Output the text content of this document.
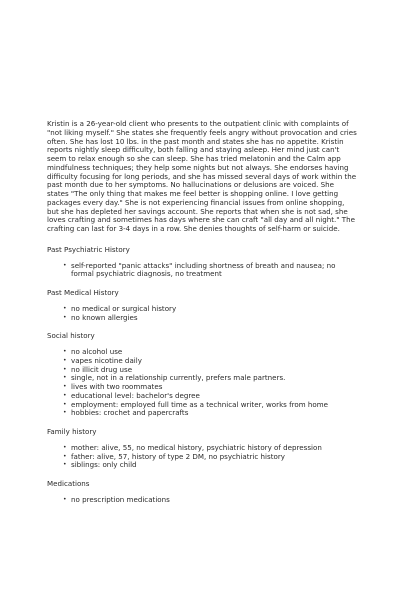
Kristin is a 26-year-old client who presents to the outpatient clinic with complaints of "not liking myself." She states she frequently feels angry without provocation and cries often. She has lost 10 lbs. in the past month and states she has no appetite. Kristin reports nightly sleep difficulty, both falling and staying asleep. Her mind just can't seem to relax enough so she can sleep. She has tried melatonin and the Calm app mindfulness techniques; they help some nights but not always. She endorses having difficulty focusing for long periods, and she has missed several days of work within the past month due to her symptoms. No hallucinations or delusions are voiced. She states "The only thing that makes me feel better is shopping online. I love getting packages every day." She is not experiencing financial issues from online shopping, but she has depleted her savings account. She reports that when she is not sad, she loves crafting and sometimes has days where she can craft "all day and all night." The crafting can last for 3-4 days in a row. She denies thoughts of self-harm or suicide.

Past Psychiatric History

• self-reported "panic attacks" including shortness of breath and nausea; no formal psychiatric diagnosis, no treatment

Past Medical History

• no medical or surgical history
• no known allergies

Social history

• no alcohol use
• vapes nicotine daily
• no illicit drug use
• single, not in a relationship currently, prefers male partners.
• lives with two roommates
• educational level: bachelor's degree
• employment: employed full time as a technical writer, works from home
• hobbies: crochet and papercrafts

Family history

• mother: alive, 55, no medical history, psychiatric history of depression
• father: alive, 57, history of type 2 DM, no psychiatric history
• siblings: only child

Medications

• no prescription medications
